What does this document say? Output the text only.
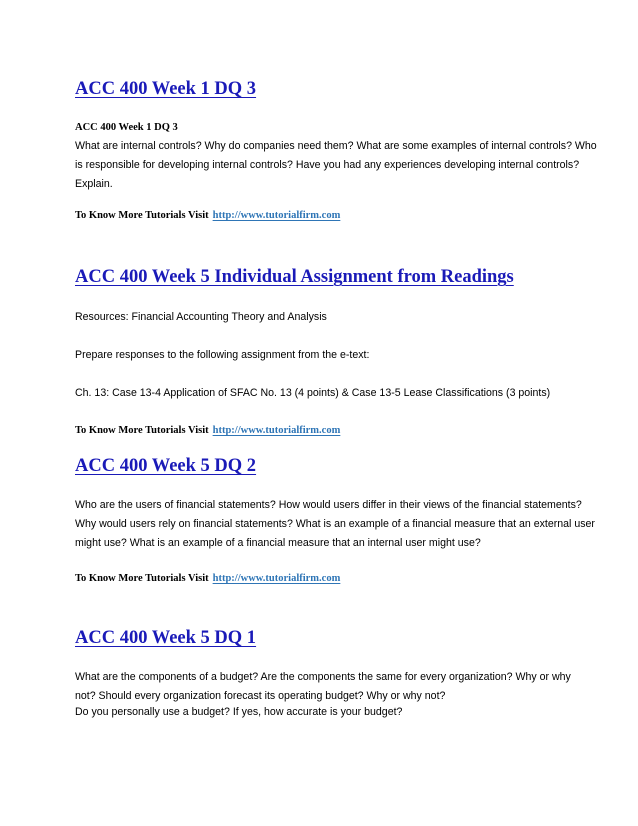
ACC 400 Week 1 DQ 3
ACC 400 Week 1 DQ 3
What are internal controls? Why do companies need them? What are some examples of internal controls? Who
is responsible for developing internal controls? Have you had any experiences developing internal controls?
Explain.
To Know More Tutorials Visit http://www.tutorialfirm.com
ACC 400 Week 5 Individual Assignment from Readings
Resources: Financial Accounting Theory and Analysis
Prepare responses to the following assignment from the e-text:
Ch. 13: Case 13-4 Application of SFAC No. 13 (4 points) & Case 13-5 Lease Classifications (3 points)
To Know More Tutorials Visit http://www.tutorialfirm.com
ACC 400 Week 5 DQ 2
Who are the users of financial statements? How would users differ in their views of the financial statements?
Why would users rely on financial statements? What is an example of a financial measure that an external user
might use? What is an example of a financial measure that an internal user might use?
To Know More Tutorials Visit http://www.tutorialfirm.com
ACC 400 Week 5 DQ 1
What are the components of a budget? Are the components the same for every organization? Why or why
not? Should every organization forecast its operating budget? Why or why not?
Do you personally use a budget? If yes, how accurate is your budget?
